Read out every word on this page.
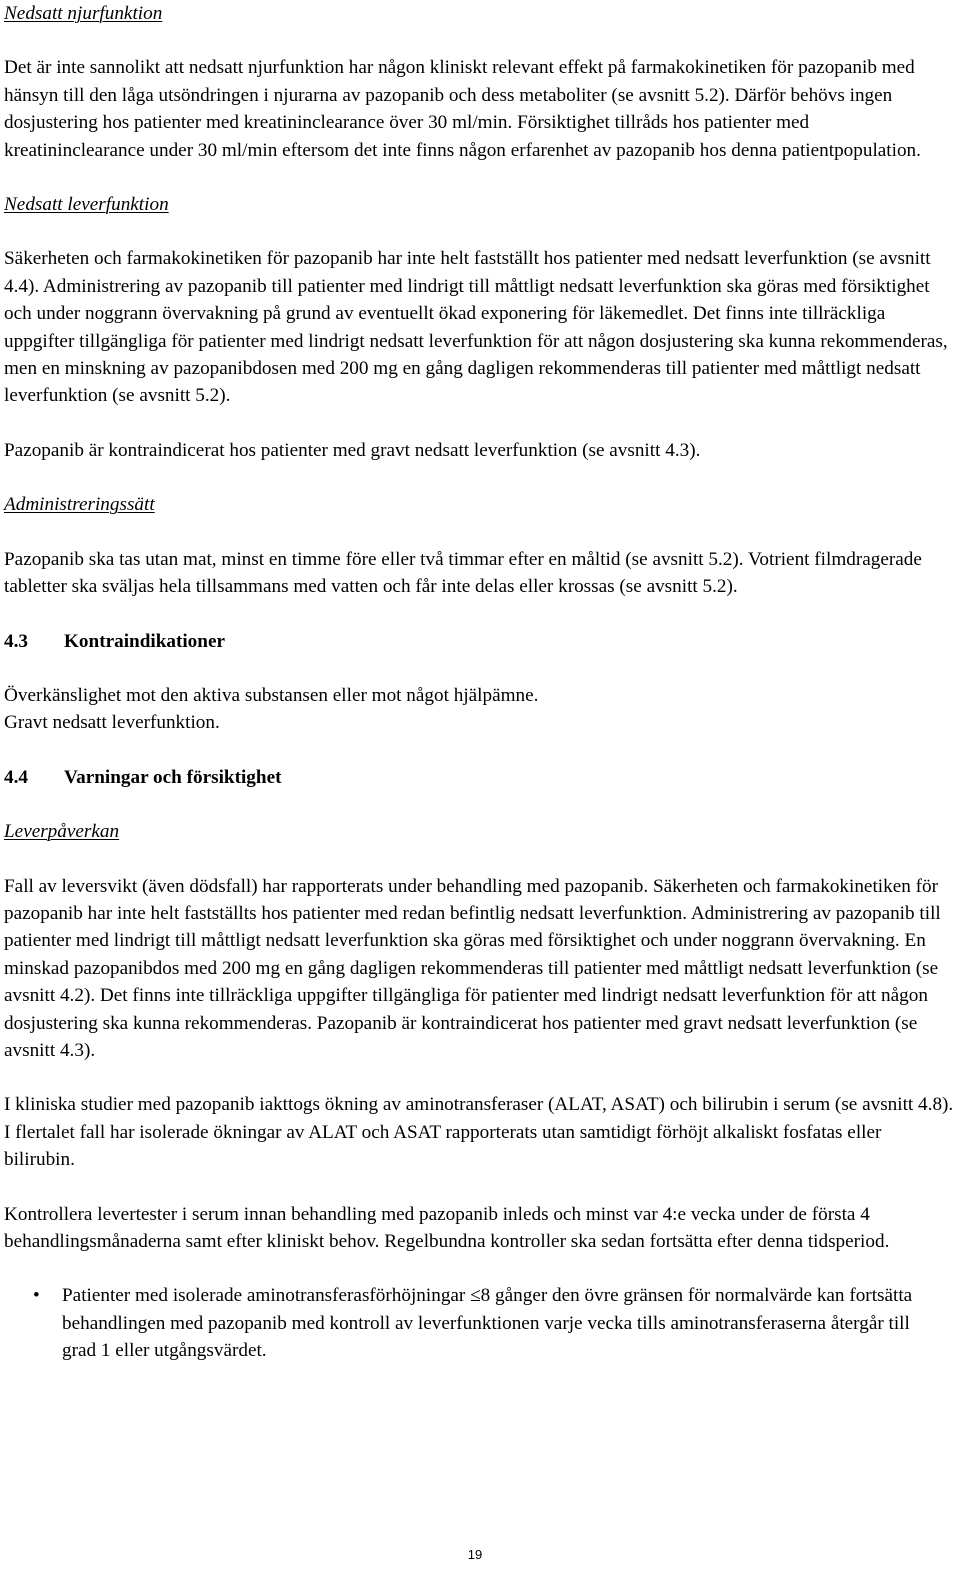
Nedsatt njurfunktion

Det är inte sannolikt att nedsatt njurfunktion har någon kliniskt relevant effekt på farmakokinetiken för pazopanib med hänsyn till den låga utsöndringen i njurarna av pazopanib och dess metaboliter (se avsnitt 5.2). Därför behövs ingen dosjustering hos patienter med kreatininclearance över 30 ml/min. Försiktighet tillråds hos patienter med kreatininclearance under 30 ml/min eftersom det inte finns någon erfarenhet av pazopanib hos denna patientpopulation.

Nedsatt leverfunktion

Säkerheten och farmakokinetiken för pazopanib har inte helt fastställt hos patienter med nedsatt leverfunktion (se avsnitt 4.4). Administrering av pazopanib till patienter med lindrigt till måttligt nedsatt leverfunktion ska göras med försiktighet och under noggrann övervakning på grund av eventuellt ökad exponering för läkemedlet. Det finns inte tillräckliga uppgifter tillgängliga för patienter med lindrigt nedsatt leverfunktion för att någon dosjustering ska kunna rekommenderas, men en minskning av pazopanibdosen med 200 mg en gång dagligen rekommenderas till patienter med måttligt nedsatt leverfunktion (se avsnitt 5.2).

Pazopanib är kontraindicerat hos patienter med gravt nedsatt leverfunktion (se avsnitt 4.3).

Administreringssätt

Pazopanib ska tas utan mat, minst en timme före eller två timmar efter en måltid (se avsnitt 5.2). Votrient filmdragerade tabletter ska sväljas hela tillsammans med vatten och får inte delas eller krossas (se avsnitt 5.2).

4.3	Kontraindikationer

Överkänslighet mot den aktiva substansen eller mot något hjälpämne.

Gravt nedsatt leverfunktion.

4.4	Varningar och försiktighet

Leverpåverkan

Fall av leversvikt (även dödsfall) har rapporterats under behandling med pazopanib. Säkerheten och farmakokinetiken för pazopanib har inte helt fastställts hos patienter med redan befintlig nedsatt leverfunktion. Administrering av pazopanib till patienter med lindrigt till måttligt nedsatt leverfunktion ska göras med försiktighet och under noggrann övervakning. En minskad pazopanibdos med 200 mg en gång dagligen rekommenderas till patienter med måttligt nedsatt leverfunktion (se avsnitt 4.2). Det finns inte tillräckliga uppgifter tillgängliga för patienter med lindrigt nedsatt leverfunktion för att någon dosjustering ska kunna rekommenderas. Pazopanib är kontraindicerat hos patienter med gravt nedsatt leverfunktion (se avsnitt 4.3).

I kliniska studier med pazopanib iakttogs ökning av aminotransferaser (ALAT, ASAT) och bilirubin i serum (se avsnitt 4.8). I flertalet fall har isolerade ökningar av ALAT och ASAT rapporterats utan samtidigt förhöjt alkaliskt fosfatas eller bilirubin.

Kontrollera levertester i serum innan behandling med pazopanib inleds och minst var 4:e vecka under de första 4 behandlingsmånaderna samt efter kliniskt behov. Regelbundna kontroller ska sedan fortsätta efter denna tidsperiod.

•	Patienter med isolerade aminotransferasförhöjningar ≤8 gånger den övre gränsen för normalvärde kan fortsätta behandlingen med pazopanib med kontroll av leverfunktionen varje vecka tills aminotransferaserna återgår till grad 1 eller utgångsvärdet.

19
